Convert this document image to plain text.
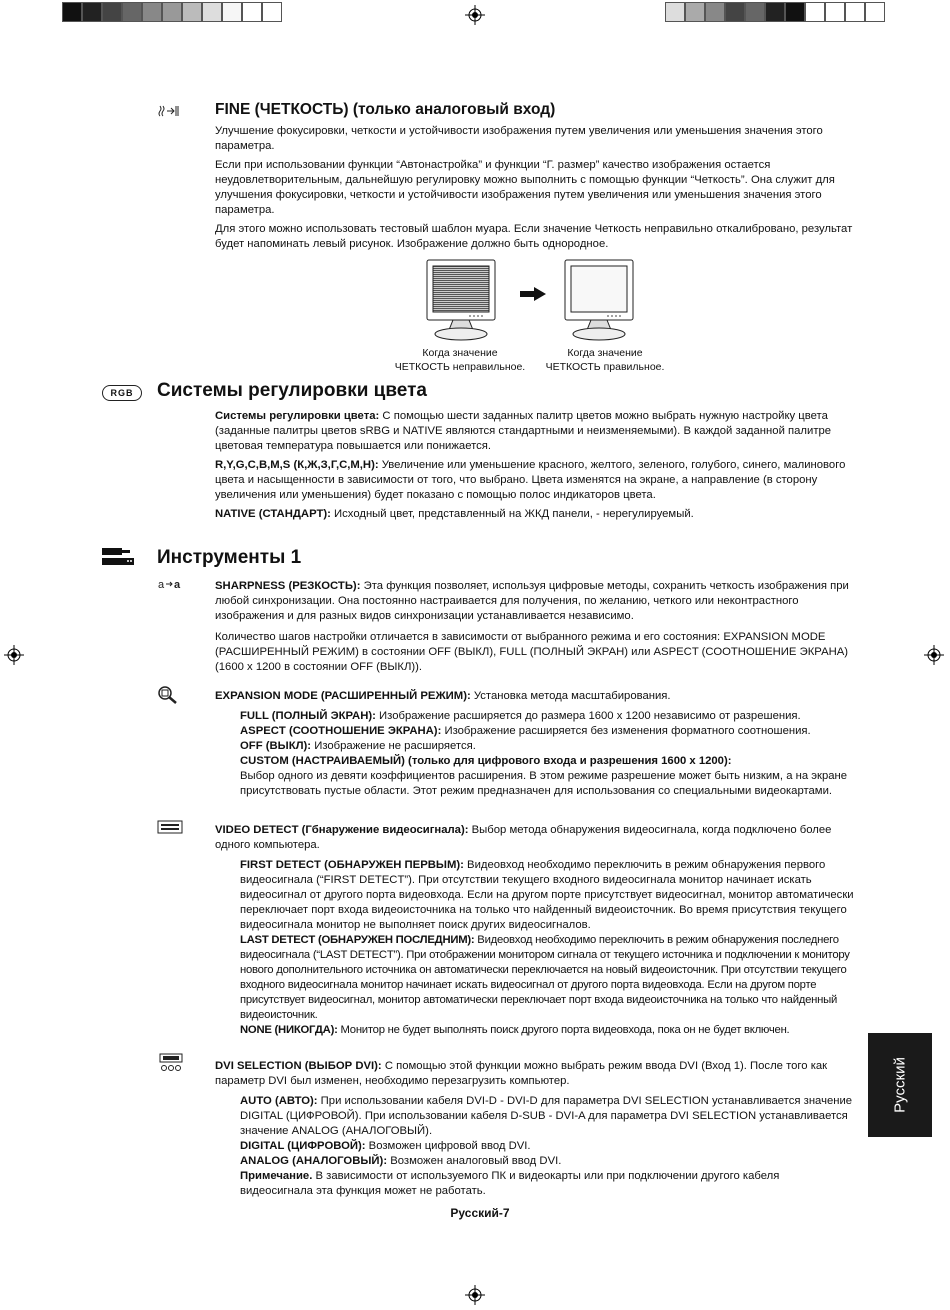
FINE (ЧЕТКОСТЬ) (только аналоговый вход)

Улучшение фокусировки, четкости и устойчивости изображения путем увеличения или уменьшения значения этого параметра.

Если при использовании функции “Автонастройка” и функции “Г. размер” качество изображения остается неудовлетворительным, дальнейшую регулировку можно выполнить с помощью функции “Четкость”. Она служит для улучшения фокусировки, четкости и устойчивости изображения путем увеличения или уменьшения значения этого параметра.

Для этого можно использовать тестовый шаблон муара. Если значение Четкость неправильно откалибровано, результат будет напоминать левый рисунок. Изображение должно быть однородное.

Когда значение
ЧЕТКОСТЬ неправильное.
Когда значение
ЧЕТКОСТЬ правильное.
RGB	Системы регулировки цвета

Системы регулировки цвета: С помощью шести заданных палитр цветов можно выбрать нужную настройку цвета (заданные палитры цветов sRBG и NATIVE являются стандартными и неизменяемыми). В каждой заданной палитре цветовая температура повышается или понижается.

R,Y,G,C,B,M,S (К,Ж,З,Г,С,М,Н): Увеличение или уменьшение красного, желтого, зеленого, голубого, синего, малинового цвета и насыщенности в зависимости от того, что выбрано. Цвета изменятся на экране, а направление (в сторону увеличения или уменьшения) будет показано с помощью полос индикаторов цвета.

NATIVE (СТАНДАРТ): Исходный цвет, представленный на ЖКД панели, - нерегулируемый.

Инструменты 1
a a	SHARPNESS (РЕЗКОСТЬ): Эта функция позволяет, используя цифровые методы, сохранить четкость изображения при любой синхронизации. Она постоянно настраивается для получения, по желанию, четкого или неконтрастного изображения и для разных видов синхронизации устанавливается независимо.

Количество шагов настройки отличается в зависимости от выбранного режима и его состояния: EXPANSION MODE (РАСШИРЕННЫЙ РЕЖИМ) в состоянии OFF (ВЫКЛ), FULL (ПОЛНЫЙ ЭКРАН) или ASPECT (СООТНОШЕНИЕ ЭКРАНА) (1600 x 1200 в состоянии OFF (ВЫКЛ)).

EXPANSION MODE (РАСШИРЕННЫЙ РЕЖИМ): Установка метода масштабирования.

FULL (ПОЛНЫЙ ЭКРАН): Изображение расширяется до размера 1600 x 1200 независимо от разрешения.

ASPECT (СООТНОШЕНИЕ ЭКРАНА): Изображение расширяется без изменения форматного соотношения.

OFF (ВЫКЛ): Изображение не расширяется.

CUSTOM (НАСТРАИВАЕМЫЙ) (только для цифрового входа и разрешения 1600 x 1200):

Выбор одного из девяти коэффициентов расширения. В этом режиме разрешение может быть низким, а на экране присутствовать пустые области. Этот режим предназначен для использования со специальными видеокартами.

VIDEO DETECT (Гбнаружение видеосигнала): Выбор метода обнаружения видеосигнала, когда подключено более одного компьютера.

FIRST DETECT (ОБНАРУЖЕН ПЕРВЫМ): Видеовход необходимо переключить в режим обнаружения первого видеосигнала (“FIRST DETECT”). При отсутствии текущего входного видеосигнала монитор начинает искать видеосигнал от другого порта видеовхода. Если на другом порте присутствует видеосигнал, монитор автоматически переключает порт входа видеоисточника на только что найденный видеоисточник. Во время присутствия текущего видеосигнала монитор не выполняет поиск других видеосигналов.

LAST DETECT (ОБНАРУЖЕН ПОСЛЕДНИМ): Видеовход необходимо переключить в режим обнаружения последнего видеосигнала (“LAST DETECT”). При отображении монитором сигнала от текущего источника и подключении к монитору нового дополнительного источника он автоматически переключается на новый видеоисточник. При отсутствии текущего входного видеосигнала монитор начинает искать видеосигнал от другого порта видеовхода. Если на другом порте присутствует видеосигнал, монитор автоматически переключает порт входа видеоисточника на только что найденный видеоисточник.

NONE (НИКОГДА): Монитор не будет выполнять поиск другого порта видеовхода, пока он не будет включен.

DVI SELECTION (ВЫБОР DVI): С помощью этой функции можно выбрать режим ввода DVI (Вход 1). После того как параметр DVI был изменен, необходимо перезагрузить компьютер.

AUTO (АВТО): При использовании кабеля DVI-D - DVI-D для параметра DVI SELECTION устанавливается значение DIGITAL (ЦИФРОВОЙ). При использовании кабеля D-SUB - DVI-A для параметра DVI SELECTION устанавливается значение ANALOG (АНАЛОГОВЫЙ).

DIGITAL (ЦИФРОВОЙ): Возможен цифровой ввод DVI.

ANALOG (АНАЛОГОВЫЙ): Возможен аналоговый ввод DVI.

Примечание. В зависимости от используемого ПК и видеокарты или при подключении другого кабеля видеосигнала эта функция может не работать.

Русский
Русский-7
